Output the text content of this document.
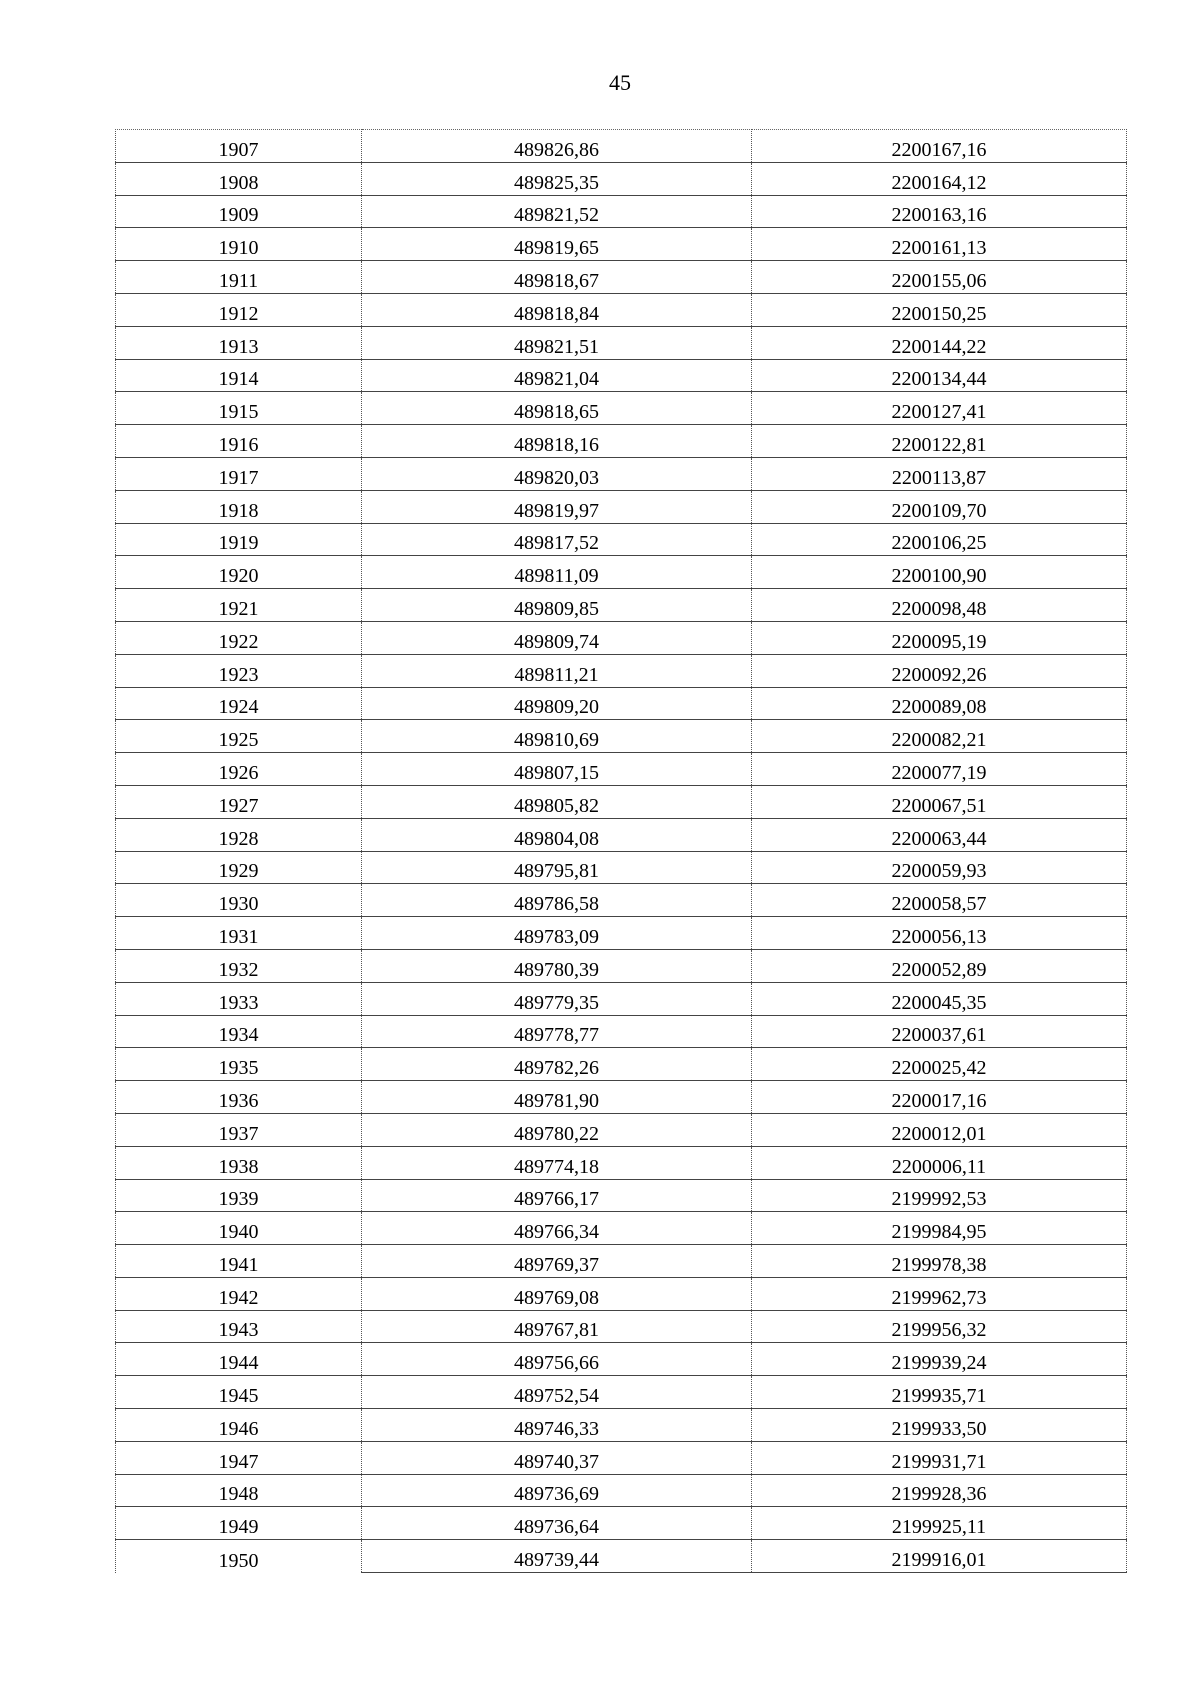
45
1907	489826,86	2200167,16
1908	489825,35	2200164,12
1909	489821,52	2200163,16
1910	489819,65	2200161,13
1911	489818,67	2200155,06
1912	489818,84	2200150,25
1913	489821,51	2200144,22
1914	489821,04	2200134,44
1915	489818,65	2200127,41
1916	489818,16	2200122,81
1917	489820,03	2200113,87
1918	489819,97	2200109,70
1919	489817,52	2200106,25
1920	489811,09	2200100,90
1921	489809,85	2200098,48
1922	489809,74	2200095,19
1923	489811,21	2200092,26
1924	489809,20	2200089,08
1925	489810,69	2200082,21
1926	489807,15	2200077,19
1927	489805,82	2200067,51
1928	489804,08	2200063,44
1929	489795,81	2200059,93
1930	489786,58	2200058,57
1931	489783,09	2200056,13
1932	489780,39	2200052,89
1933	489779,35	2200045,35
1934	489778,77	2200037,61
1935	489782,26	2200025,42
1936	489781,90	2200017,16
1937	489780,22	2200012,01
1938	489774,18	2200006,11
1939	489766,17	2199992,53
1940	489766,34	2199984,95
1941	489769,37	2199978,38
1942	489769,08	2199962,73
1943	489767,81	2199956,32
1944	489756,66	2199939,24
1945	489752,54	2199935,71
1946	489746,33	2199933,50
1947	489740,37	2199931,71
1948	489736,69	2199928,36
1949	489736,64	2199925,11
1950	489739,44	2199916,01
